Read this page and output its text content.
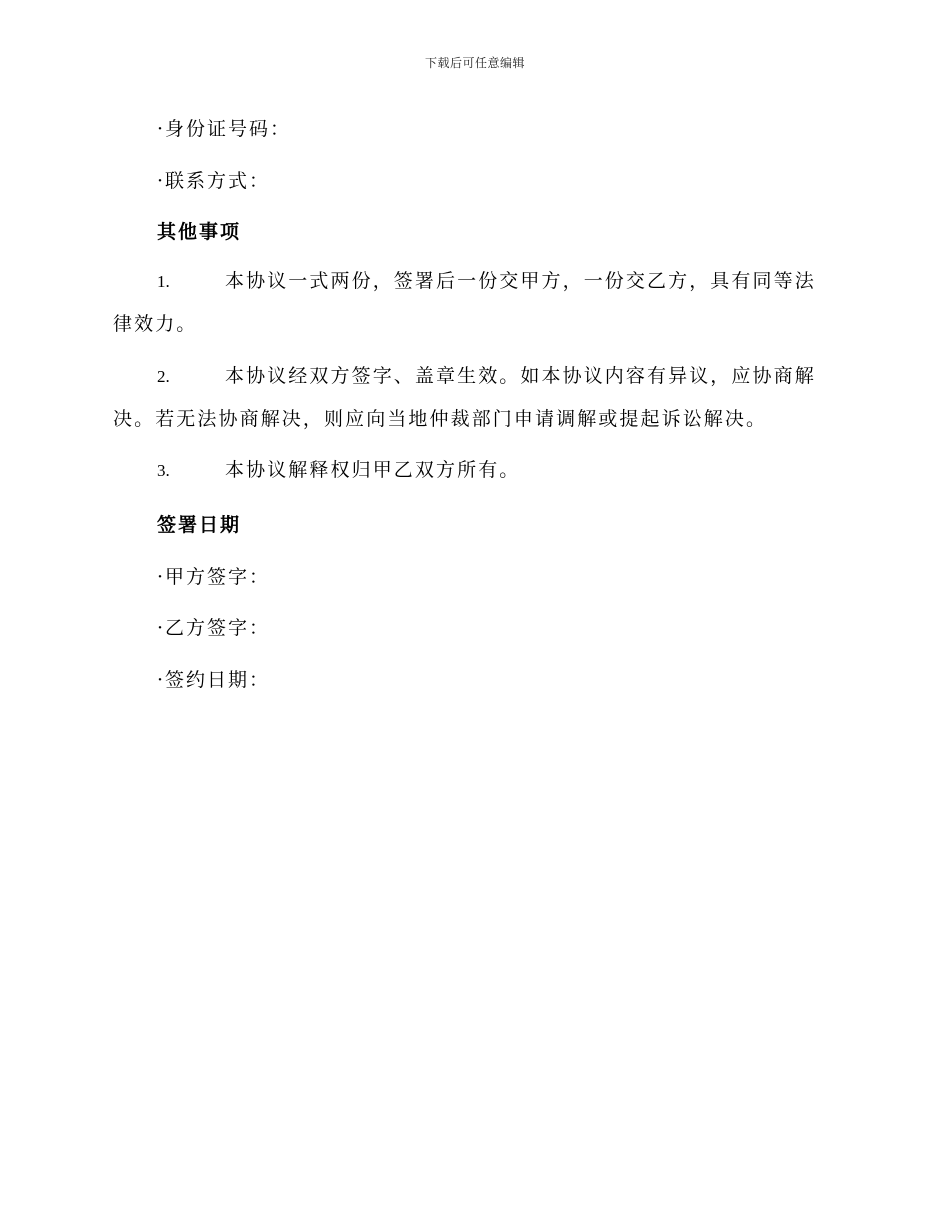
下载后可任意编辑
· 身份证号码：
· 联系方式：
其他事项
1.	本协议一式两份，签署后一份交甲方，一份交乙方，具有同等法律效力。
2.	本协议经双方签字、盖章生效。如本协议内容有异议，应协商解决。若无法协商解决，则应向当地仲裁部门申请调解或提起诉讼解决。
3.	本协议解释权归甲乙双方所有。
签署日期
· 甲方签字：
· 乙方签字：
· 签约日期：
